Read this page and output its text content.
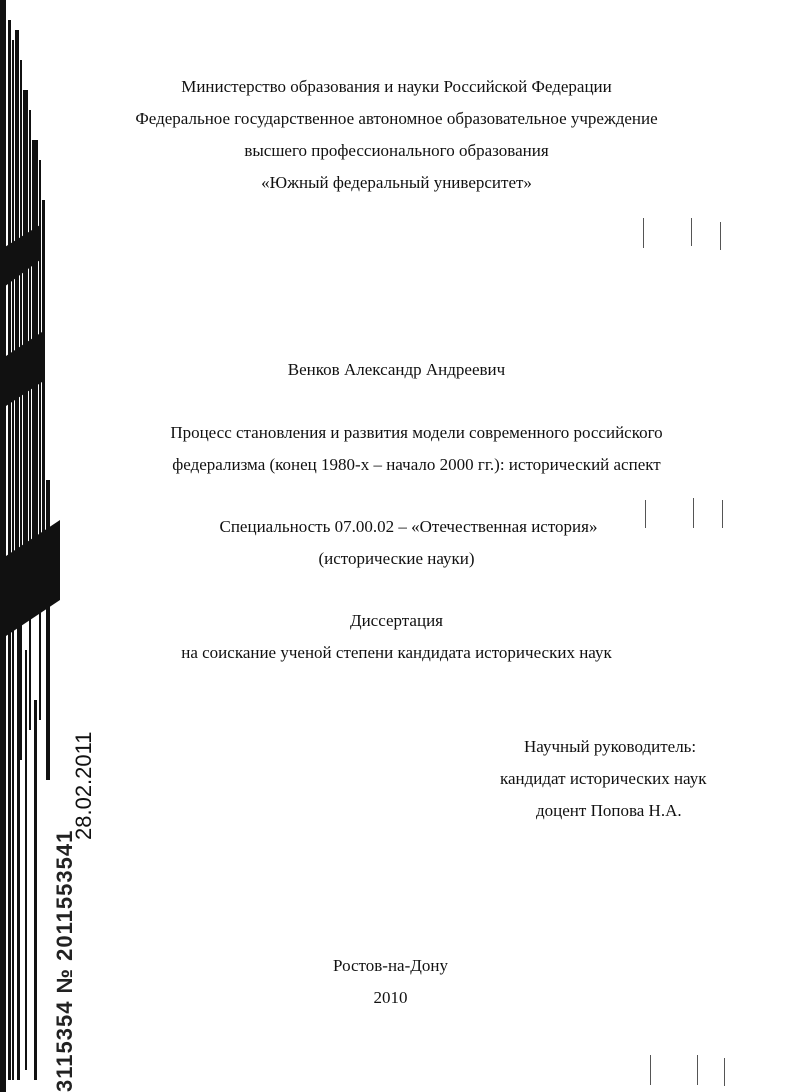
3115354 № 2011553541
28.02.2011
Министерство образования и науки Российской Федерации
Федеральное государственное автономное образовательное учреждение
высшего профессионального образования
«Южный федеральный университет»
Венков Александр Андреевич
Процесс становления и развития модели современного российского
федерализма (конец 1980-х – начало 2000 гг.): исторический аспект
Специальность 07.00.02 – «Отечественная история»
(исторические науки)
Диссертация
на соискание ученой степени кандидата исторических наук
Научный руководитель:
кандидат исторических наук
доцент Попова Н.А.
Ростов-на-Дону
2010
